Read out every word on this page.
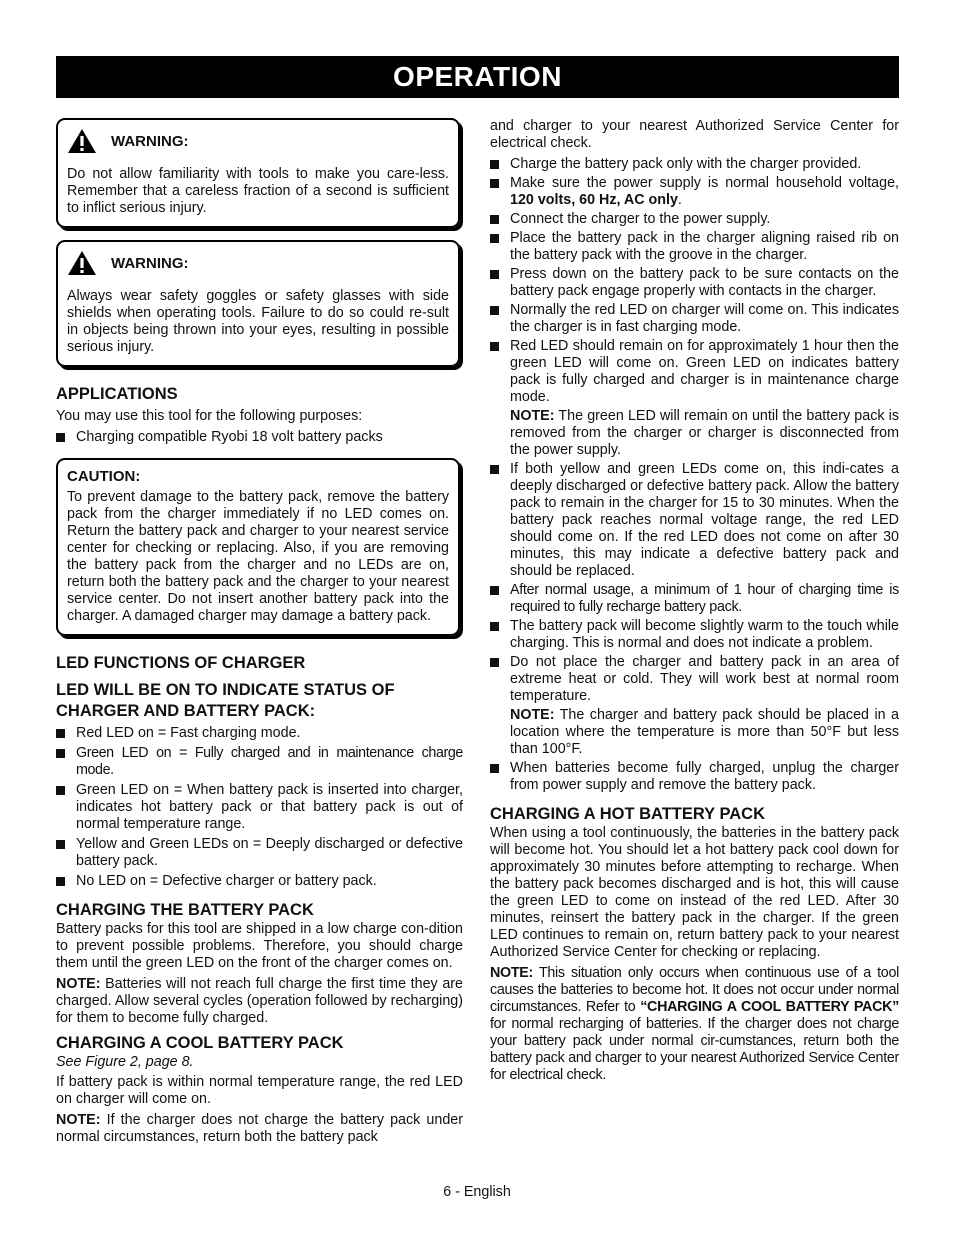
OPERATION
WARNING:

Do not allow familiarity with tools to make you care-less. Remember that a careless fraction of a second is sufficient to inflict serious injury.

WARNING:

Always wear safety goggles or safety glasses with side shields when operating tools. Failure to do so could re-sult in objects being thrown into your eyes, resulting in possible serious injury.

APPLICATIONS

You may use this tool for the following purposes:

Charging compatible Ryobi 18 volt battery packs
CAUTION:

To prevent damage to the battery pack, remove the battery pack from the charger immediately if no LED comes on. Return the battery pack and charger to your nearest service center for checking or replacing. Also, if you are removing the battery pack from the charger and no LEDs are on, return both the battery pack and the charger to your nearest service center. Do not insert another battery pack into the charger. A damaged charger may damage a battery pack.

LED FUNCTIONS OF CHARGER
LED WILL BE ON TO INDICATE STATUS OF CHARGER AND BATTERY PACK:
Red LED on = Fast charging mode.
Green LED on = Fully charged and in maintenance charge mode.
Green LED on = When battery pack is inserted into charger, indicates hot battery pack or that battery pack is out of normal temperature range.
Yellow and Green LEDs on = Deeply discharged or defective battery pack.
No LED on = Defective charger or battery pack.
CHARGING THE BATTERY PACK

Battery packs for this tool are shipped in a low charge con-dition to prevent possible problems. Therefore, you should charge them until the green LED on the front of the charger comes on.

NOTE: Batteries will not reach full charge the first time they are charged. Allow several cycles (operation followed by recharging) for them to become fully charged.

CHARGING A COOL BATTERY PACK

See Figure 2, page 8.

If battery pack is within normal temperature range, the red LED on charger will come on.

NOTE: If the charger does not charge the battery pack under normal circumstances, return both the battery pack

and charger to your nearest Authorized Service Center for electrical check.

Charge the battery pack only with the charger provided.
Make sure the power supply is normal household voltage, 120 volts, 60 Hz, AC only.
Connect the charger to the power supply.
Place the battery pack in the charger aligning raised rib on the battery pack with the groove in the charger.
Press down on the battery pack to be sure contacts on the battery pack engage properly with contacts in the charger.
Normally the red LED on charger will come on. This indicates the charger is in fast charging mode.
Red LED should remain on for approximately 1 hour then the green LED will come on. Green LED on indicates battery pack is fully charged and charger is in maintenance charge mode.

NOTE: The green LED will remain on until the battery pack is removed from the charger or charger is disconnected from the power supply.

If both yellow and green LEDs come on, this indi-cates a deeply discharged or defective battery pack. Allow the battery pack to remain in the charger for 15 to 30 minutes. When the battery pack reaches normal voltage range, the red LED should come on. If the red LED does not come on after 30 minutes, this may indicate a defective battery pack and should be replaced.
After normal usage, a minimum of 1 hour of charging time is required to fully recharge battery pack.
The battery pack will become slightly warm to the touch while charging. This is normal and does not indicate a problem.
Do not place the charger and battery pack in an area of extreme heat or cold. They will work best at normal room temperature.

NOTE: The charger and battery pack should be placed in a location where the temperature is more than 50°F but less than 100°F.

When batteries become fully charged, unplug the charger from power supply and remove the battery pack.
CHARGING A HOT BATTERY PACK

When using a tool continuously, the batteries in the battery pack will become hot. You should let a hot battery pack cool down for approximately 30 minutes before attempting to recharge. When the battery pack becomes discharged and is hot, this will cause the green LED to come on instead of the red LED. After 30 minutes, reinsert the battery pack in the charger. If the green LED continues to remain on, return battery pack to your nearest Authorized Service Center for checking or replacing.

NOTE: This situation only occurs when continuous use of a tool causes the batteries to become hot. It does not occur under normal circumstances. Refer to “CHARGING A COOL BATTERY PACK” for normal recharging of batteries. If the charger does not charge your battery pack under normal cir-cumstances, return both the battery pack and charger to your nearest Authorized Service Center for electrical check.

6 - English
